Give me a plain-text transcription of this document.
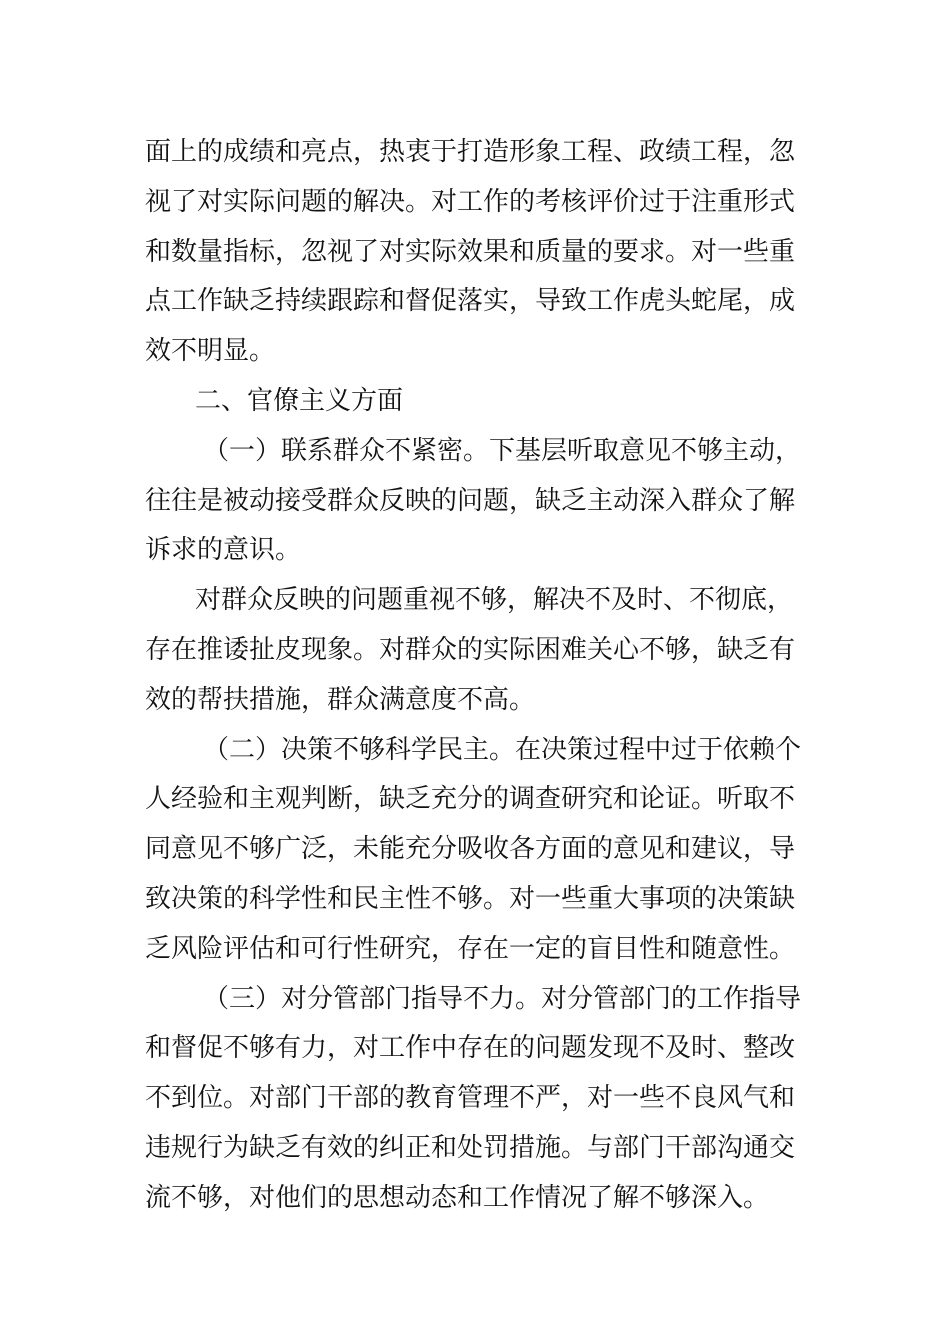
面上的成绩和亮点，热衷于打造形象工程、政绩工程，忽
视了对实际问题的解决。对工作的考核评价过于注重形式
和数量指标，忽视了对实际效果和质量的要求。对一些重
点工作缺乏持续跟踪和督促落实，导致工作虎头蛇尾，成
效不明显。
二、官僚主义方面
（一）联系群众不紧密。下基层听取意见不够主动，
往往是被动接受群众反映的问题，缺乏主动深入群众了解
诉求的意识。
对群众反映的问题重视不够，解决不及时、不彻底，
存在推诿扯皮现象。对群众的实际困难关心不够，缺乏有
效的帮扶措施，群众满意度不高。
（二）决策不够科学民主。在决策过程中过于依赖个
人经验和主观判断，缺乏充分的调查研究和论证。听取不
同意见不够广泛，未能充分吸收各方面的意见和建议，导
致决策的科学性和民主性不够。对一些重大事项的决策缺
乏风险评估和可行性研究，存在一定的盲目性和随意性。
（三）对分管部门指导不力。对分管部门的工作指导
和督促不够有力，对工作中存在的问题发现不及时、整改
不到位。对部门干部的教育管理不严，对一些不良风气和
违规行为缺乏有效的纠正和处罚措施。与部门干部沟通交
流不够，对他们的思想动态和工作情况了解不够深入。
